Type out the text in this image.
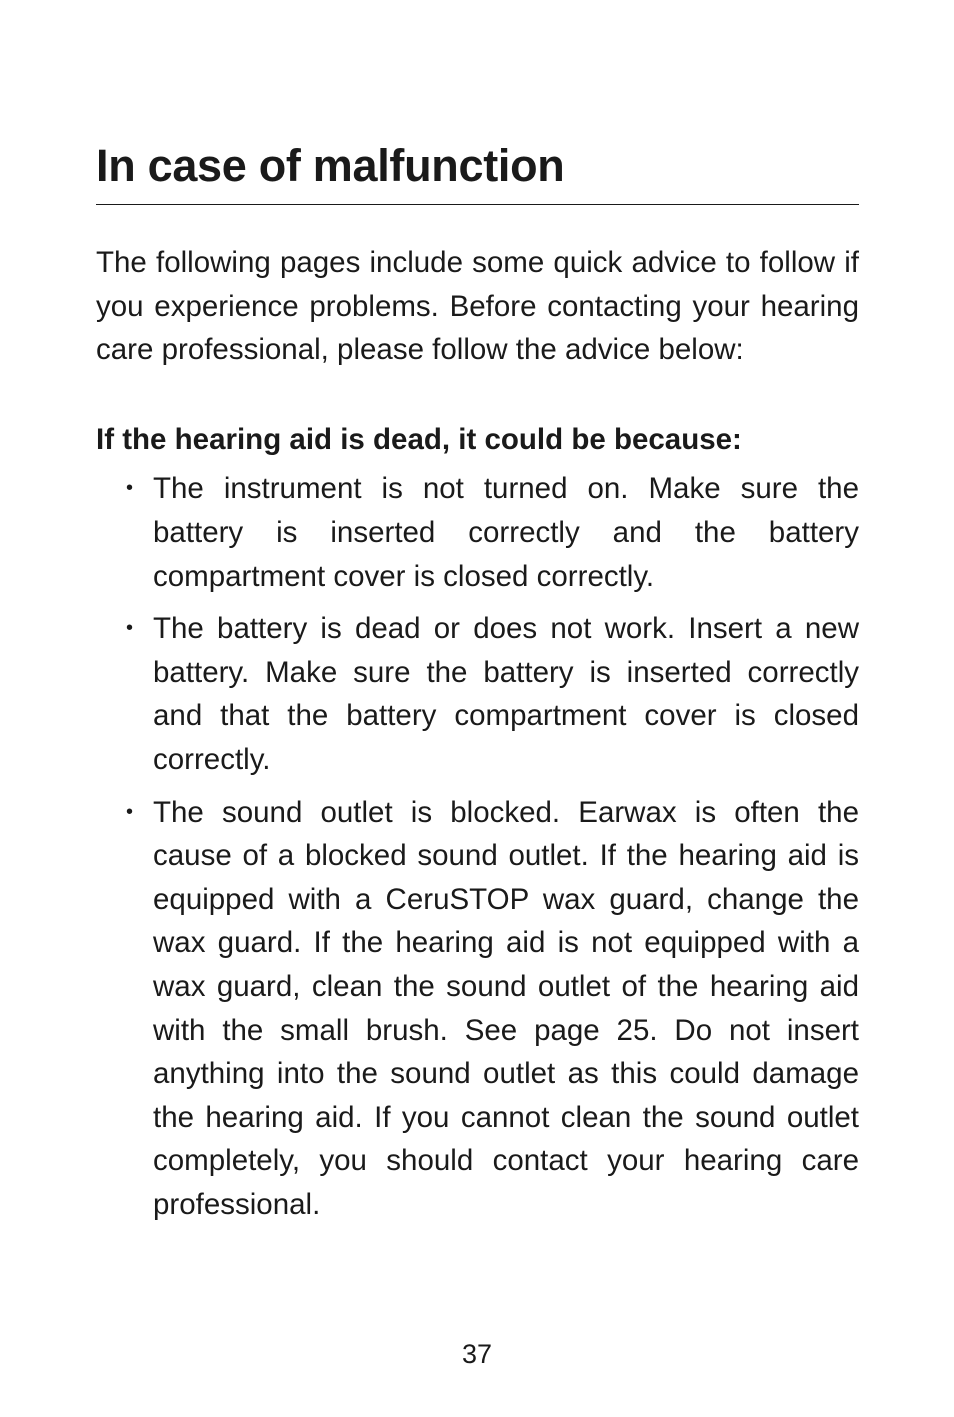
In case of malfunction

The following pages include some quick advice to follow if you experience problems. Before contacting your hearing care professional, please follow the advice below:

If the hearing aid is dead, it could be because:

• The instrument is not turned on. Make sure the battery is inserted correctly and the battery compartment cover is closed correctly.
• The battery is dead or does not work. Insert a new battery. Make sure the battery is inserted correctly and that the battery compartment cover is closed correctly.
• The sound outlet is blocked. Earwax is often the cause of a blocked sound outlet. If the hearing aid is equipped with a CeruSTOP wax guard, change the wax guard. If the hearing aid is not equipped with a wax guard, clean the sound outlet of the hearing aid with the small brush. See page 25. Do not insert anything into the sound outlet as this could damage the hearing aid. If you cannot clean the sound outlet completely, you should contact your hearing care professional.
37
